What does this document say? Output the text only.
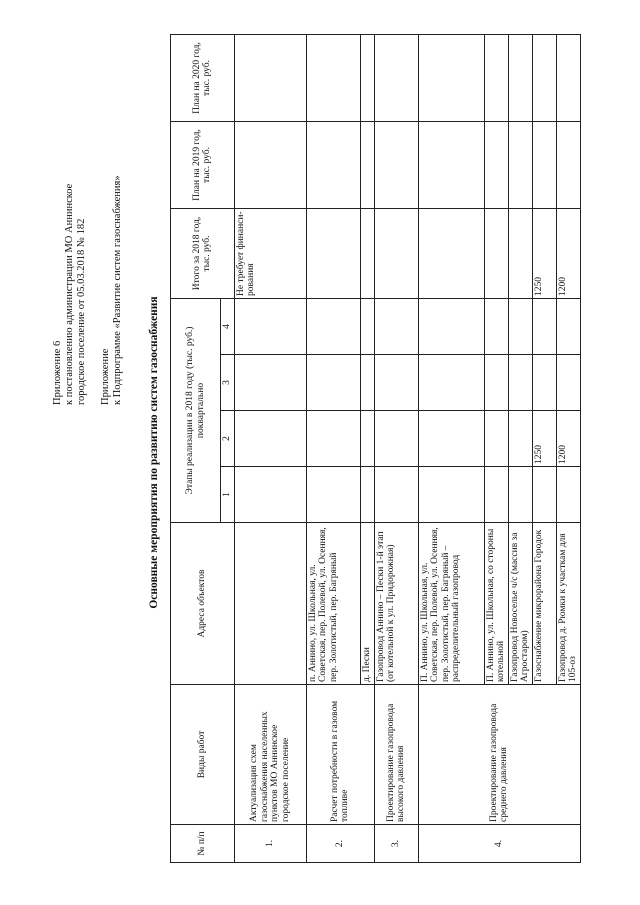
Приложение 6 к постановлению администрации МО Аннинское городское поселение от 05.03.2018 № 182 Приложение к Подпрограмме «Развитие систем газоснабжения»
Основные мероприятия по развитию систем газоснабжения
№ п/п	Виды работ	Адреса объектов	Этапы реализации в 2018 году (тыс. руб.) поквартально				Итого за 2018 год, тыс. руб.	План на 2019 год, тыс. руб.	План на 2020 год, тыс. руб.
			1	2	3	4			
1.	Актуализация схем газоснабжения населенных пунктов МО Аннинское городское поселение						Не требует финанси-рования		
2.	Расчет потребности в газовом топливе	п. Аннино, ул. Школьная, ул. Советская, пер. Полевой, ул. Осенняя, пер. Золотистый, пер. Багряный							
		д. Пески							
3.	Проектирование газопровода высокого давления	Газопровод Аннино – Пески 1-й этап (от котельной к ул. Придорожная)							
4.	Проектирование газопровода среднего давления	П. Аннино, ул. Школьная, ул. Советская, пер. Полевой, ул. Осенняя, пер. Золотистый, пер. Багряный – распределительный газопровод							
		П. Аннино, ул. Школьная, со стороны котельной							
		Газопровод Новоселье ч/с (массив за Агростаром)							
		Газоснабжение микрорайона Городок		1250			1250		
		Газопровод д. Рюмки к участкам для 105-оз		1200			1200		
